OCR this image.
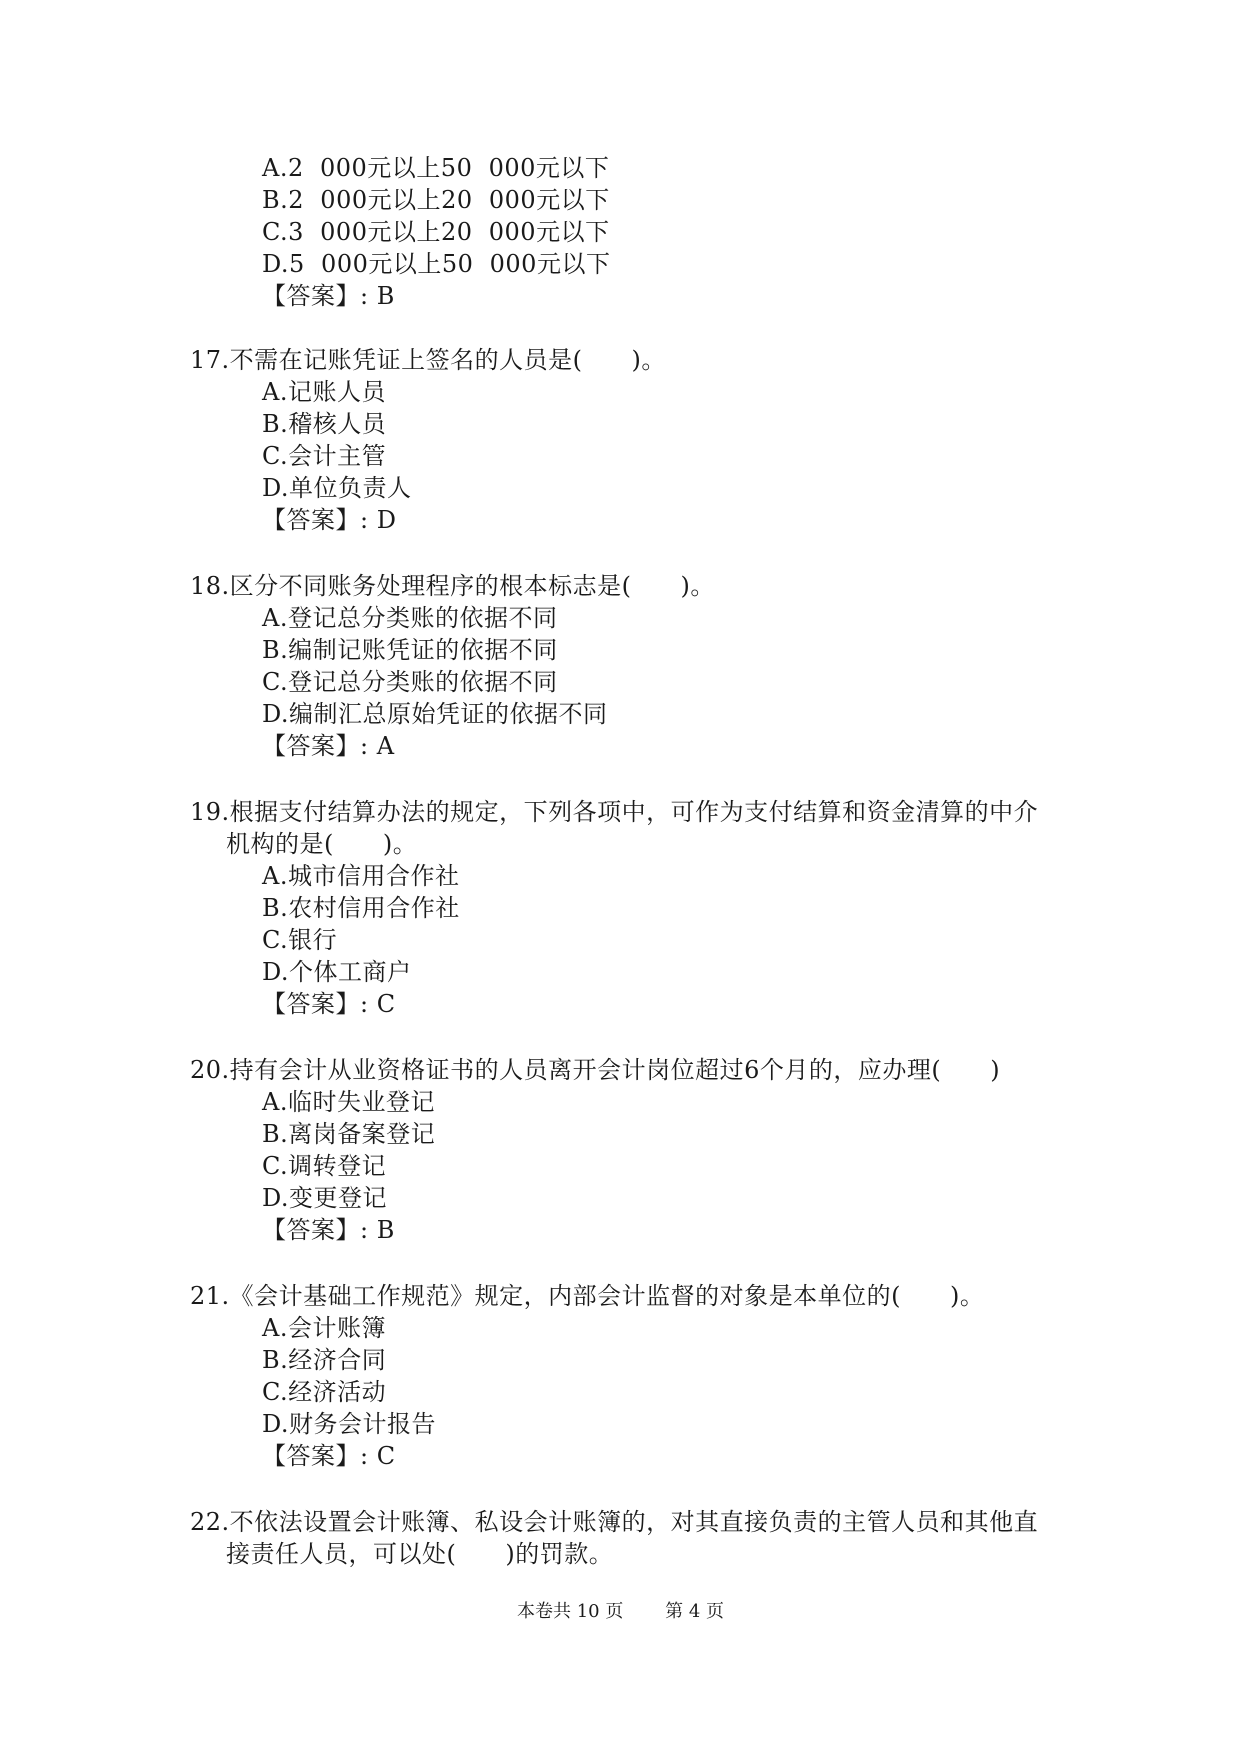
A.2  000元以上50  000元以下
B.2  000元以上20  000元以下
C.3  000元以上20  000元以下
D.5  000元以上50  000元以下
【答案】: B
17.不需在记账凭证上签名的人员是(　　)。
A.记账人员
B.稽核人员
C.会计主管
D.单位负责人
【答案】: D
18.区分不同账务处理程序的根本标志是(　　)。
A.登记总分类账的依据不同
B.编制记账凭证的依据不同
C.登记总分类账的依据不同
D.编制汇总原始凭证的依据不同
【答案】: A
19.根据支付结算办法的规定，下列各项中，可作为支付结算和资金清算的中介
机构的是(　　)。
A.城市信用合作社
B.农村信用合作社
C.银行
D.个体工商户
【答案】: C
20.持有会计从业资格证书的人员离开会计岗位超过6个月的，应办理(　　)
A.临时失业登记
B.离岗备案登记
C.调转登记
D.变更登记
【答案】: B
21.《会计基础工作规范》规定，内部会计监督的对象是本单位的(　　)。
A.会计账簿
B.经济合同
C.经济活动
D.财务会计报告
【答案】: C
22.不依法设置会计账簿、私设会计账簿的，对其直接负责的主管人员和其他直
接责任人员，可以处(　　)的罚款。
本卷共 10 页 第 4 页
